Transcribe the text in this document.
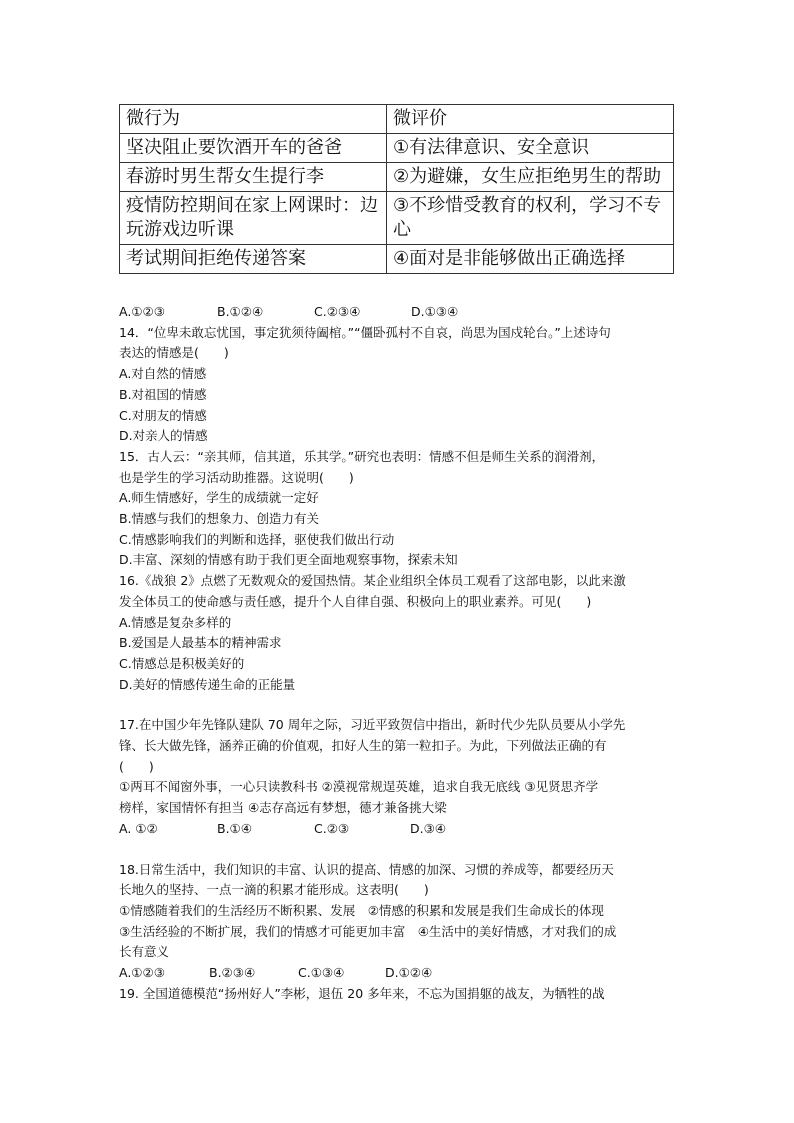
微行为	微评价
坚决阻止要饮酒开车的爸爸	①有法律意识、安全意识
春游时男生帮女生提行李	②为避嫌，女生应拒绝男生的帮助
疫情防控期间在家上网课时：边玩游戏边听课	③不珍惜受教育的权利，学习不专心
考试期间拒绝传递答案	④面对是非能够做出正确选择
A.①②③	B.①②④	C.②③④	D.①③④
14．“位卑未敢忘忧国，事定犹须待阖棺。”“僵卧孤村不自哀，尚思为国戍轮台。”上述诗句
表达的情感是(　　)
A.对自然的情感
B.对祖国的情感
C.对朋友的情感
D.对亲人的情感
15．古人云：“亲其师，信其道，乐其学。”研究也表明：情感不但是师生关系的润滑剂，
也是学生的学习活动助推器。这说明(　　)
A.师生情感好，学生的成绩就一定好
B.情感与我们的想象力、创造力有关
C.情感影响我们的判断和选择，驱使我们做出行动
D.丰富、深刻的情感有助于我们更全面地观察事物，探索未知
16.《战狼 2》点燃了无数观众的爱国热情。某企业组织全体员工观看了这部电影，以此来激
发全体员工的使命感与责任感，提升个人自律自强、积极向上的职业素养。可见(　　)
A.情感是复杂多样的
B.爱国是人最基本的精神需求
C.情感总是积极美好的
D.美好的情感传递生命的正能量
17.在中国少年先锋队建队 70 周年之际，习近平致贺信中指出，新时代少先队员要从小学先
锋、长大做先锋，涵养正确的价值观，扣好人生的第一粒扣子。为此，下列做法正确的有
(　　)
①两耳不闻窗外事，一心只读教科书 ②漠视常规逞英雄，追求自我无底线 ③见贤思齐学
榜样，家国情怀有担当 ④志存高远有梦想，德才兼备挑大梁
A. ①②	B.①④	C.②③	D.③④
18.日常生活中，我们知识的丰富、认识的提高、情感的加深、习惯的养成等，都要经历天
长地久的坚持、一点一滴的积累才能形成。这表明(　　)
①情感随着我们的生活经历不断积累、发展　②情感的积累和发展是我们生命成长的体现
③生活经验的不断扩展，我们的情感才可能更加丰富　④生活中的美好情感，才对我们的成
长有意义
A.①②③	B.②③④	C.①③④	D.①②④
19. 全国道德模范“扬州好人”李彬，退伍 20 多年来，不忘为国捐躯的战友，为牺牲的战
